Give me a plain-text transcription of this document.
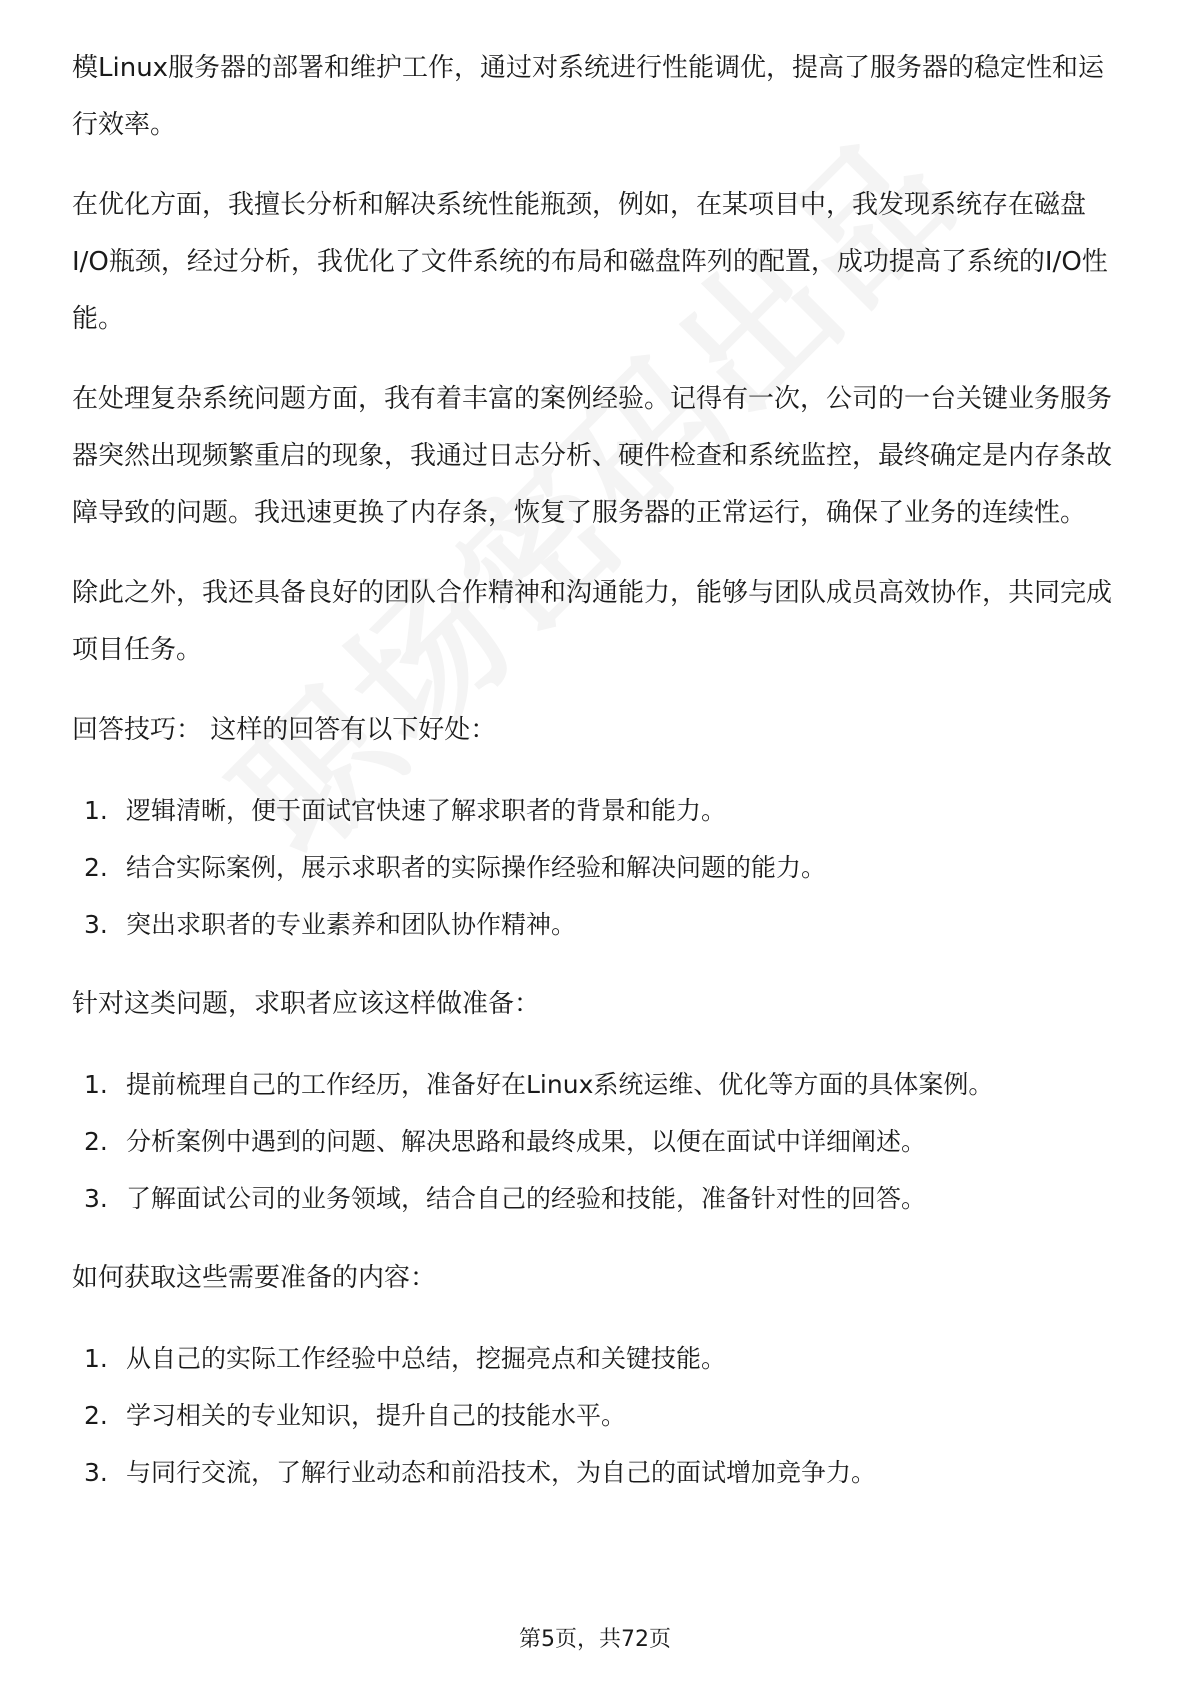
模Linux服务器的部署和维护工作，通过对系统进行性能调优，提高了服务器的稳定性和运行效率。

在优化方面，我擅长分析和解决系统性能瓶颈，例如，在某项目中，我发现系统存在磁盘I/O瓶颈，经过分析，我优化了文件系统的布局和磁盘阵列的配置，成功提高了系统的I/O性能。

在处理复杂系统问题方面，我有着丰富的案例经验。记得有一次，公司的一台关键业务服务器突然出现频繁重启的现象，我通过日志分析、硬件检查和系统监控，最终确定是内存条故障导致的问题。我迅速更换了内存条，恢复了服务器的正常运行，确保了业务的连续性。

除此之外，我还具备良好的团队合作精神和沟通能力，能够与团队成员高效协作，共同完成项目任务。

回答技巧： 这样的回答有以下好处：

1. 逻辑清晰，便于面试官快速了解求职者的背景和能力。
2. 结合实际案例，展示求职者的实际操作经验和解决问题的能力。
3. 突出求职者的专业素养和团队协作精神。

针对这类问题，求职者应该这样做准备：

1. 提前梳理自己的工作经历，准备好在Linux系统运维、优化等方面的具体案例。
2. 分析案例中遇到的问题、解决思路和最终成果，以便在面试中详细阐述。
3. 了解面试公司的业务领域，结合自己的经验和技能，准备针对性的回答。

如何获取这些需要准备的内容：

1. 从自己的实际工作经验中总结，挖掘亮点和关键技能。
2. 学习相关的专业知识，提升自己的技能水平。
3. 与同行交流，了解行业动态和前沿技术，为自己的面试增加竞争力。
第5页，共72页
